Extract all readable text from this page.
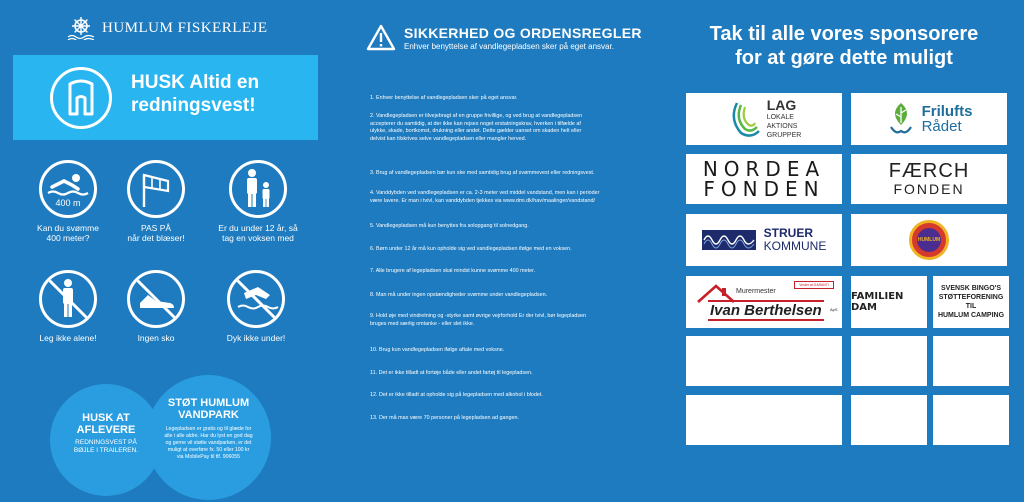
HUMLUM FISKERLEJE
HUSK Altid en
redningsvest!
400 m
Kan du svømme
400 meter?
PAS PÅ
når det blæser!
Er du under 12 år, så
tag en voksen med
Leg ikke alene!	Ingen sko	Dyk ikke under!
HUSK AT
AFLEVERE
REDNINGSVEST PÅ
BØJLE I TRAILEREN.
STØT HUMLUM
VANDPARK
Legepladsen er gratis og til glæde for
alle i alle aldre. Har du lyst en god dag
og gerne vil støtte vandparken, er det
muligt at overføre fx. 50 eller 100 kr
via MobilePay til tlf. 906055
SIKKERHED OG ORDENSREGLER
Enhver benyttelse af vandlegepladsen sker på eget ansvar.
1. Enhver benyttelse af vandlegepladsen sker på eget ansvar.
2. Vandlegepladsen er tilvejebragt af en gruppe frivillige, og ved brug at vandlegepladsen
accepterer du samtidig, at der ikke kan rejses noget erstatningskrav, hverken i tilfælde af
ulykke, skade, bortkomst, drukning eller andet. Dette gælder uanset om skaden helt eller
delvist kan tilskrives selve vandlegepladsen eller mangler herved.
3. Brug af vandlegepladsen bør kun ske med samtidig brug af svømmevest eller redningsvest.
4. Vanddybden ved vandlegepladsen er ca. 2-3 meter ved middel vandstand, men kan i perioder
være lavere. Er man i tvivl, kan vanddybden tjekkes via www.dmi.dk/hav/maalinger/vandstand/
5. Vandlegepladsen må kun benyttes fra solopgang til solnedgang.
6. Børn under 12 år må kun opholde sig ved vandlegepladsen ifølge med en voksen.
7. Alle brugere af legepladsen skal mindst kunne svømme 400 meter.
8. Man må under ingen opstændigheder svømme under vandlegepladsen.
9. Hold øje med vindretning og -styrke samt øvrige vejrforhold Er der tvivl, bør legepladsen
bruges med særlig omtanke - eller slet ikke.
10. Brug kun vandlegepladsen ifølge aftale med voksne.
11. Det er ikke tilladt at fortøje både eller andet fartøj til legepladsen.
12. Det er ikke tilladt at opholde sig på legepladsen med alkohol i blodet.
13. Der må max være 70 personer på legepladsen ad gangen.
Tak til alle vores sponsorere
for at gøre dette muligt
LAG
LOKALE
AKTIONS
GRUPPER
Frilufts
Rådet
NORDEA
FONDEN
FÆRCH
FONDEN
STRUER
KOMMUNE	HUMLUM
Murermester
Vinder af GARANTI
Ivan Berthelsen	ApS
FAMILIEN DAM
SVENSK BINGO'S
STØTTEFORENING TIL
HUMLUM CAMPING
